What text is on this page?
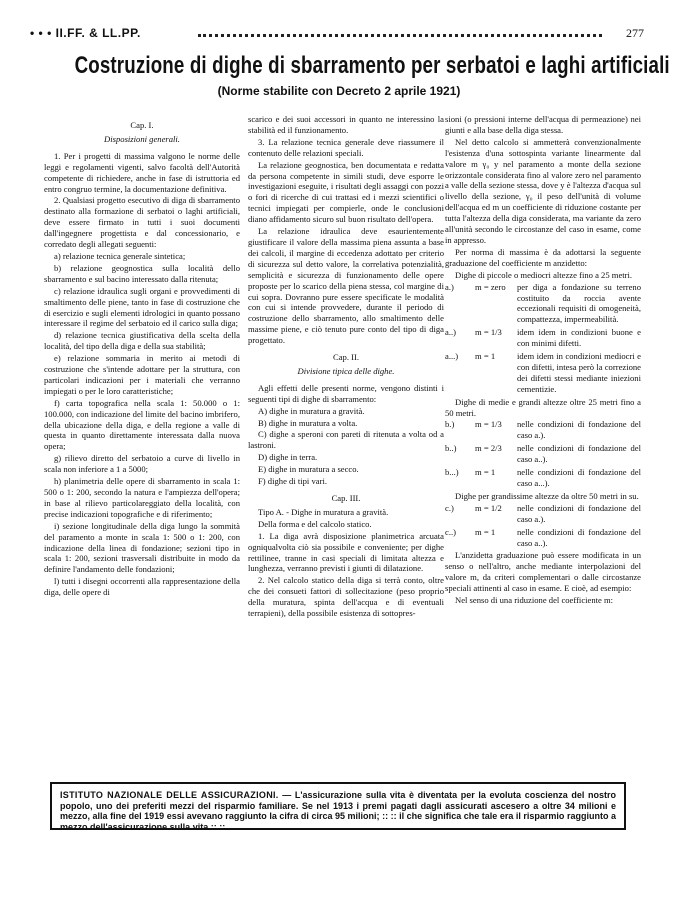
• • • II.FF. & LL.PP.	277
Costruzione di dighe di sbarramento per serbatoi e laghi artificiali
(Norme stabilite con Decreto 2 aprile 1921)

Cap. I.

Disposizioni generali.

1. Per i progetti di massima valgono le norme delle leggi e regolamenti vigenti, salvo facoltà dell'Autorità competente di richiedere, anche in fase di istruttoria ed entro congruo termine, la documentazione definitiva.

2. Qualsiasi progetto esecutivo di diga di sbarramento destinato alla formazione di serbatoi o laghi artificiali, deve essere firmato in tutti i suoi documenti dall'ingegnere progettista e dal concessionario, e corredato degli allegati seguenti:

a) relazione tecnica generale sintetica;

b) relazione geognostica sulla località dello sbarramento e sul bacino interessato dalla ritenuta;

c) relazione idraulica sugli organi e provvedimenti di smaltimento delle piene, tanto in fase di costruzione che di esercizio e sugli elementi idrologici in quanto possano interessare il regime del serbatoio ed il carico sulla diga;

d) relazione tecnica giustificativa della scelta della località, del tipo della diga e della sua stabilità;

e) relazione sommaria in merito ai metodi di costruzione che s'intende adottare per la struttura, con particolari indicazioni per i materiali che verranno impiegati o per le loro caratteristiche;

f) carta topografica nella scala 1: 50.000 o 1: 100.000, con indicazione del limite del bacino imbrifero, della ubicazione della diga, e della regione a valle di questa in quanto direttamente interessata dalla nuova opera;

g) rilievo diretto del serbatoio a curve di livello in scala non inferiore a 1 a 5000;

h) planimetria delle opere di sbarramento in scala 1: 500 o 1: 200, secondo la natura e l'ampiezza dell'opera; in base al rilievo particolareggiato della località, con precise indicazioni topografiche e di riferimento;

i) sezione longitudinale della diga lungo la sommità del paramento a monte in scala 1: 500 o 1: 200, con indicazione della linea di fondazione; sezioni tipo in scala 1: 200, sezioni trasversali distribuite in modo da definire l'andamento delle fondazioni;

l) tutti i disegni occorrenti alla rappresentazione della diga, delle opere di

scarico e dei suoi accessori in quanto ne interessino la stabilità ed il funzionamento.

3. La relazione tecnica generale deve riassumere il contenuto delle relazioni speciali.

La relazione geognostica, ben documentata e redatta da persona competente in simili studi, deve esporre le investigazioni eseguite, i risultati degli assaggi con pozzi o fori di ricerche di cui trattasi ed i mezzi scientifici o tecnici impiegati per compierle, onde le conclusioni diano affidamento sicuro sul buon risultato dell'opera.

La relazione idraulica deve esaurientemente giustificare il valore della massima piena assunta a base dei calcoli, il margine di eccedenza adottato per criterio di sicurezza sul detto valore, la correlativa potenzialità, semplicità e sicurezza di funzionamento delle opere proposte per lo scarico della piena stessa, col margine di cui sopra. Dovranno pure essere specificate le modalità con cui si intende provvedere, durante il periodo di costruzione dello sbarramento, allo smaltimento delle massime piene, e ciò tenuto pure conto del tipo di diga progettato.

Cap. II.

Divisione tipica delle dighe.

Agli effetti delle presenti norme, vengono distinti i seguenti tipi di dighe di sbarramento:

A) dighe in muratura a gravità.

B) dighe in muratura a volta.

C) dighe a speroni con pareti di ritenuta a volta od a lastroni.

D) dighe in terra.

E) dighe in muratura a secco.

F) dighe di tipi vari.

Cap. III.

Tipo A. - Dighe in muratura a gravità.

Della forma e del calcolo statico.

1. La diga avrà disposizione planimetrica arcuata ogniqualvolta ciò sia possibile e conveniente; per dighe rettilinee, tranne in casi speciali di limitata altezza e lunghezza, verranno previsti i giunti di dilatazione.

2. Nel calcolo statico della diga si terrà conto, oltre che dei consueti fattori di sollecitazione (peso proprio della muratura, spinta dell'acqua e di eventuali terrapieni), della possibile esistenza di sottopres-

sioni (o pressioni interne dell'acqua di permeazione) nei giunti e alla base della diga stessa.

Nel detto calcolo si ammetterà convenzionalmente l'esistenza d'una sottospinta variante linearmente dal valore m γ₀ y nel paramento a monte della sezione orizzontale considerata fino al valore zero nel paramento a valle della sezione stessa, dove y è l'altezza d'acqua sul livello della sezione, γ₀ il peso dell'unità di volume dell'acqua ed m un coefficiente di riduzione costante per tutta l'altezza della diga considerata, ma variante da zero all'unità secondo le circostanze del caso in esame, come in appresso.

Per norma di massima è da adottarsi la seguente graduazione del coefficiente m anzidetto:

Dighe di piccole o mediocri altezze fino a 25 metri.

a.)	m = zero	per diga a fondazione su terreno costituito da roccia avente eccezionali requisiti di omogeneità, compattezza, impermeabilità.
a..)	m = 1/3	idem idem in condizioni buone e con minimi difetti.
a...)	m = 1	idem idem in condizioni mediocri e con difetti, intesa però la correzione dei difetti stessi mediante iniezioni cementizie.

Dighe di medie e grandi altezze oltre 25 metri fino a 50 metri.

b.)	m = 1/3	nelle condizioni di fondazione del caso a.).
b..)	m = 2/3	nelle condizioni di fondazione del caso a..).
b...)	m = 1	nelle condizioni di fondazione del caso a...).

Dighe per grandissime altezze da oltre 50 metri in su.

c.)	m = 1/2	nelle condizioni di fondazione del caso a.).
c..)	m = 1	nelle condizioni di fondazione del caso a..).

L'anzidetta graduazione può essere modificata in un senso o nell'altro, anche mediante interpolazioni del valore m, da criteri complementari o dalle circostanze speciali attinenti al caso in esame. E cioè, ad esempio:

Nel senso di una riduzione del coefficiente m:

ISTITUTO NAZIONALE DELLE ASSICURAZIONI. — L'assicurazione sulla vita è diventata per la evoluta coscienza del nostro popolo, uno dei preferiti mezzi del risparmio familiare. Se nel 1913 i premi pagati dagli assicurati ascesero a oltre 34 milioni e mezzo, alla fine del 1919 essi avevano raggiunto la cifra di circa 95 milioni; :: :: il che significa che tale era il risparmio raggiunto a mezzo dell'assicurazione sulla vita :: ::
